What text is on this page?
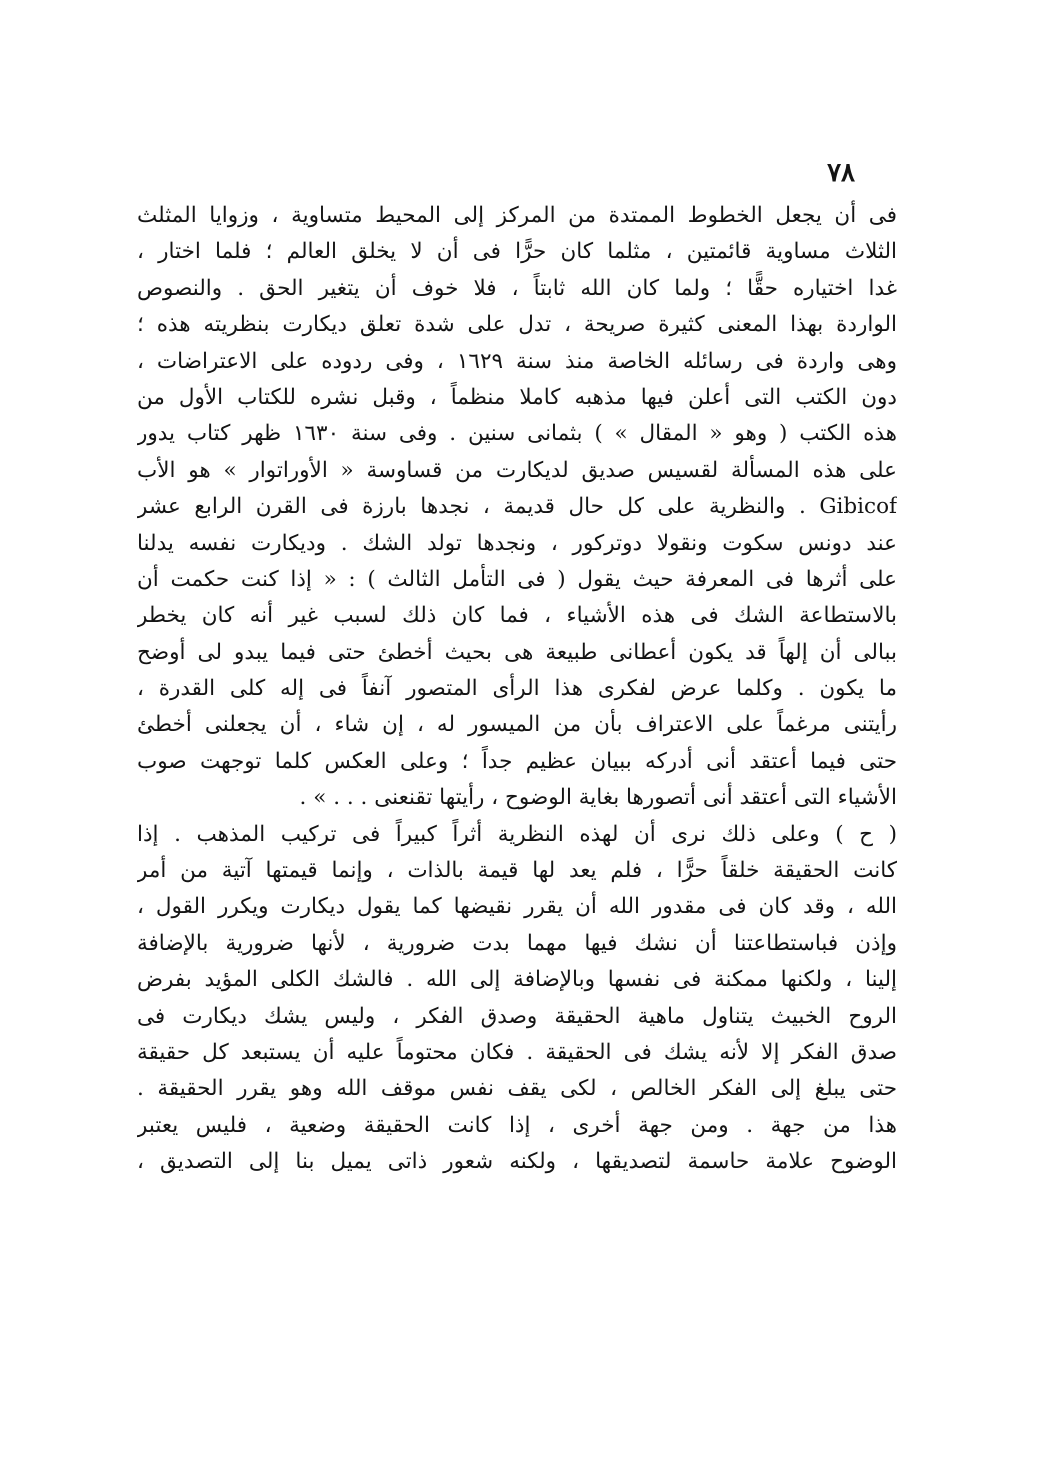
٧٨
فى أن يجعل الخطوط الممتدة من المركز إلى المحيط متساوية ، وزوايا المثلث
الثلاث مساوية قائمتين ، مثلما كان حرًّا فى أن لا يخلق العالم ؛ فلما اختار ،
غدا اختياره حقًّا ؛ ولما كان الله ثابتاً ، فلا خوف أن يتغير الحق . والنصوص
الواردة بهذا المعنى كثيرة صريحة ، تدل على شدة تعلق ديكارت بنظريته هذه ؛
وهى واردة فى رسائله الخاصة منذ سنة ١٦٢٩ ، وفى ردوده على الاعتراضات ،
دون الكتب التى أعلن فيها مذهبه كاملا منظماً ، وقبل نشره للكتاب الأول من
هذه الكتب ( وهو « المقال » ) بثمانى سنين . وفى سنة ١٦٣٠ ظهر كتاب يدور
على هذه المسألة لقسيس صديق لديكارت من قساوسة « الأوراتوار » هو الأب
Gibicof . والنظرية على كل حال قديمة ، نجدها بارزة فى القرن الرابع عشر
عند دونس سكوت ونقولا دوتركور ، ونجدها تولد الشك . وديكارت نفسه يدلنا
على أثرها فى المعرفة حيث يقول ( فى التأمل الثالث ) : « إذا كنت حكمت أن
بالاستطاعة الشك فى هذه الأشياء ، فما كان ذلك لسبب غير أنه كان يخطر
ببالى أن إلهاً قد يكون أعطانى طبيعة هى بحيث أخطئ حتى فيما يبدو لى أوضح
ما يكون . وكلما عرض لفكرى هذا الرأى المتصور آنفاً فى إله كلى القدرة ،
رأيتنى مرغماً على الاعتراف بأن من الميسور له ، إن شاء ، أن يجعلنى أخطئ
حتى فيما أعتقد أنى أدركه ببيان عظيم جداً ؛ وعلى العكس كلما توجهت صوب
الأشياء التى أعتقد أنى أتصورها بغاية الوضوح ، رأيتها تقنعنى . . . » .
( ح ) وعلى ذلك نرى أن لهذه النظرية أثراً كبيراً فى تركيب المذهب . إذا
كانت الحقيقة خلقاً حرًّا ، فلم يعد لها قيمة بالذات ، وإنما قيمتها آتية من أمر
الله ، وقد كان فى مقدور الله أن يقرر نقيضها كما يقول ديكارت ويكرر القول ،
وإذن فباستطاعتنا أن نشك فيها مهما بدت ضرورية ، لأنها ضرورية بالإضافة
إلينا ، ولكنها ممكنة فى نفسها وبالإضافة إلى الله . فالشك الكلى المؤيد بفرض
الروح الخبيث يتناول ماهية الحقيقة وصدق الفكر ، وليس يشك ديكارت فى
صدق الفكر إلا لأنه يشك فى الحقيقة . فكان محتوماً عليه أن يستبعد كل حقيقة
حتى يبلغ إلى الفكر الخالص ، لكى يقف نفس موقف الله وهو يقرر الحقيقة .
هذا من جهة . ومن جهة أخرى ، إذا كانت الحقيقة وضعية ، فليس يعتبر
الوضوح علامة حاسمة لتصديقها ، ولكنه شعور ذاتى يميل بنا إلى التصديق ،
